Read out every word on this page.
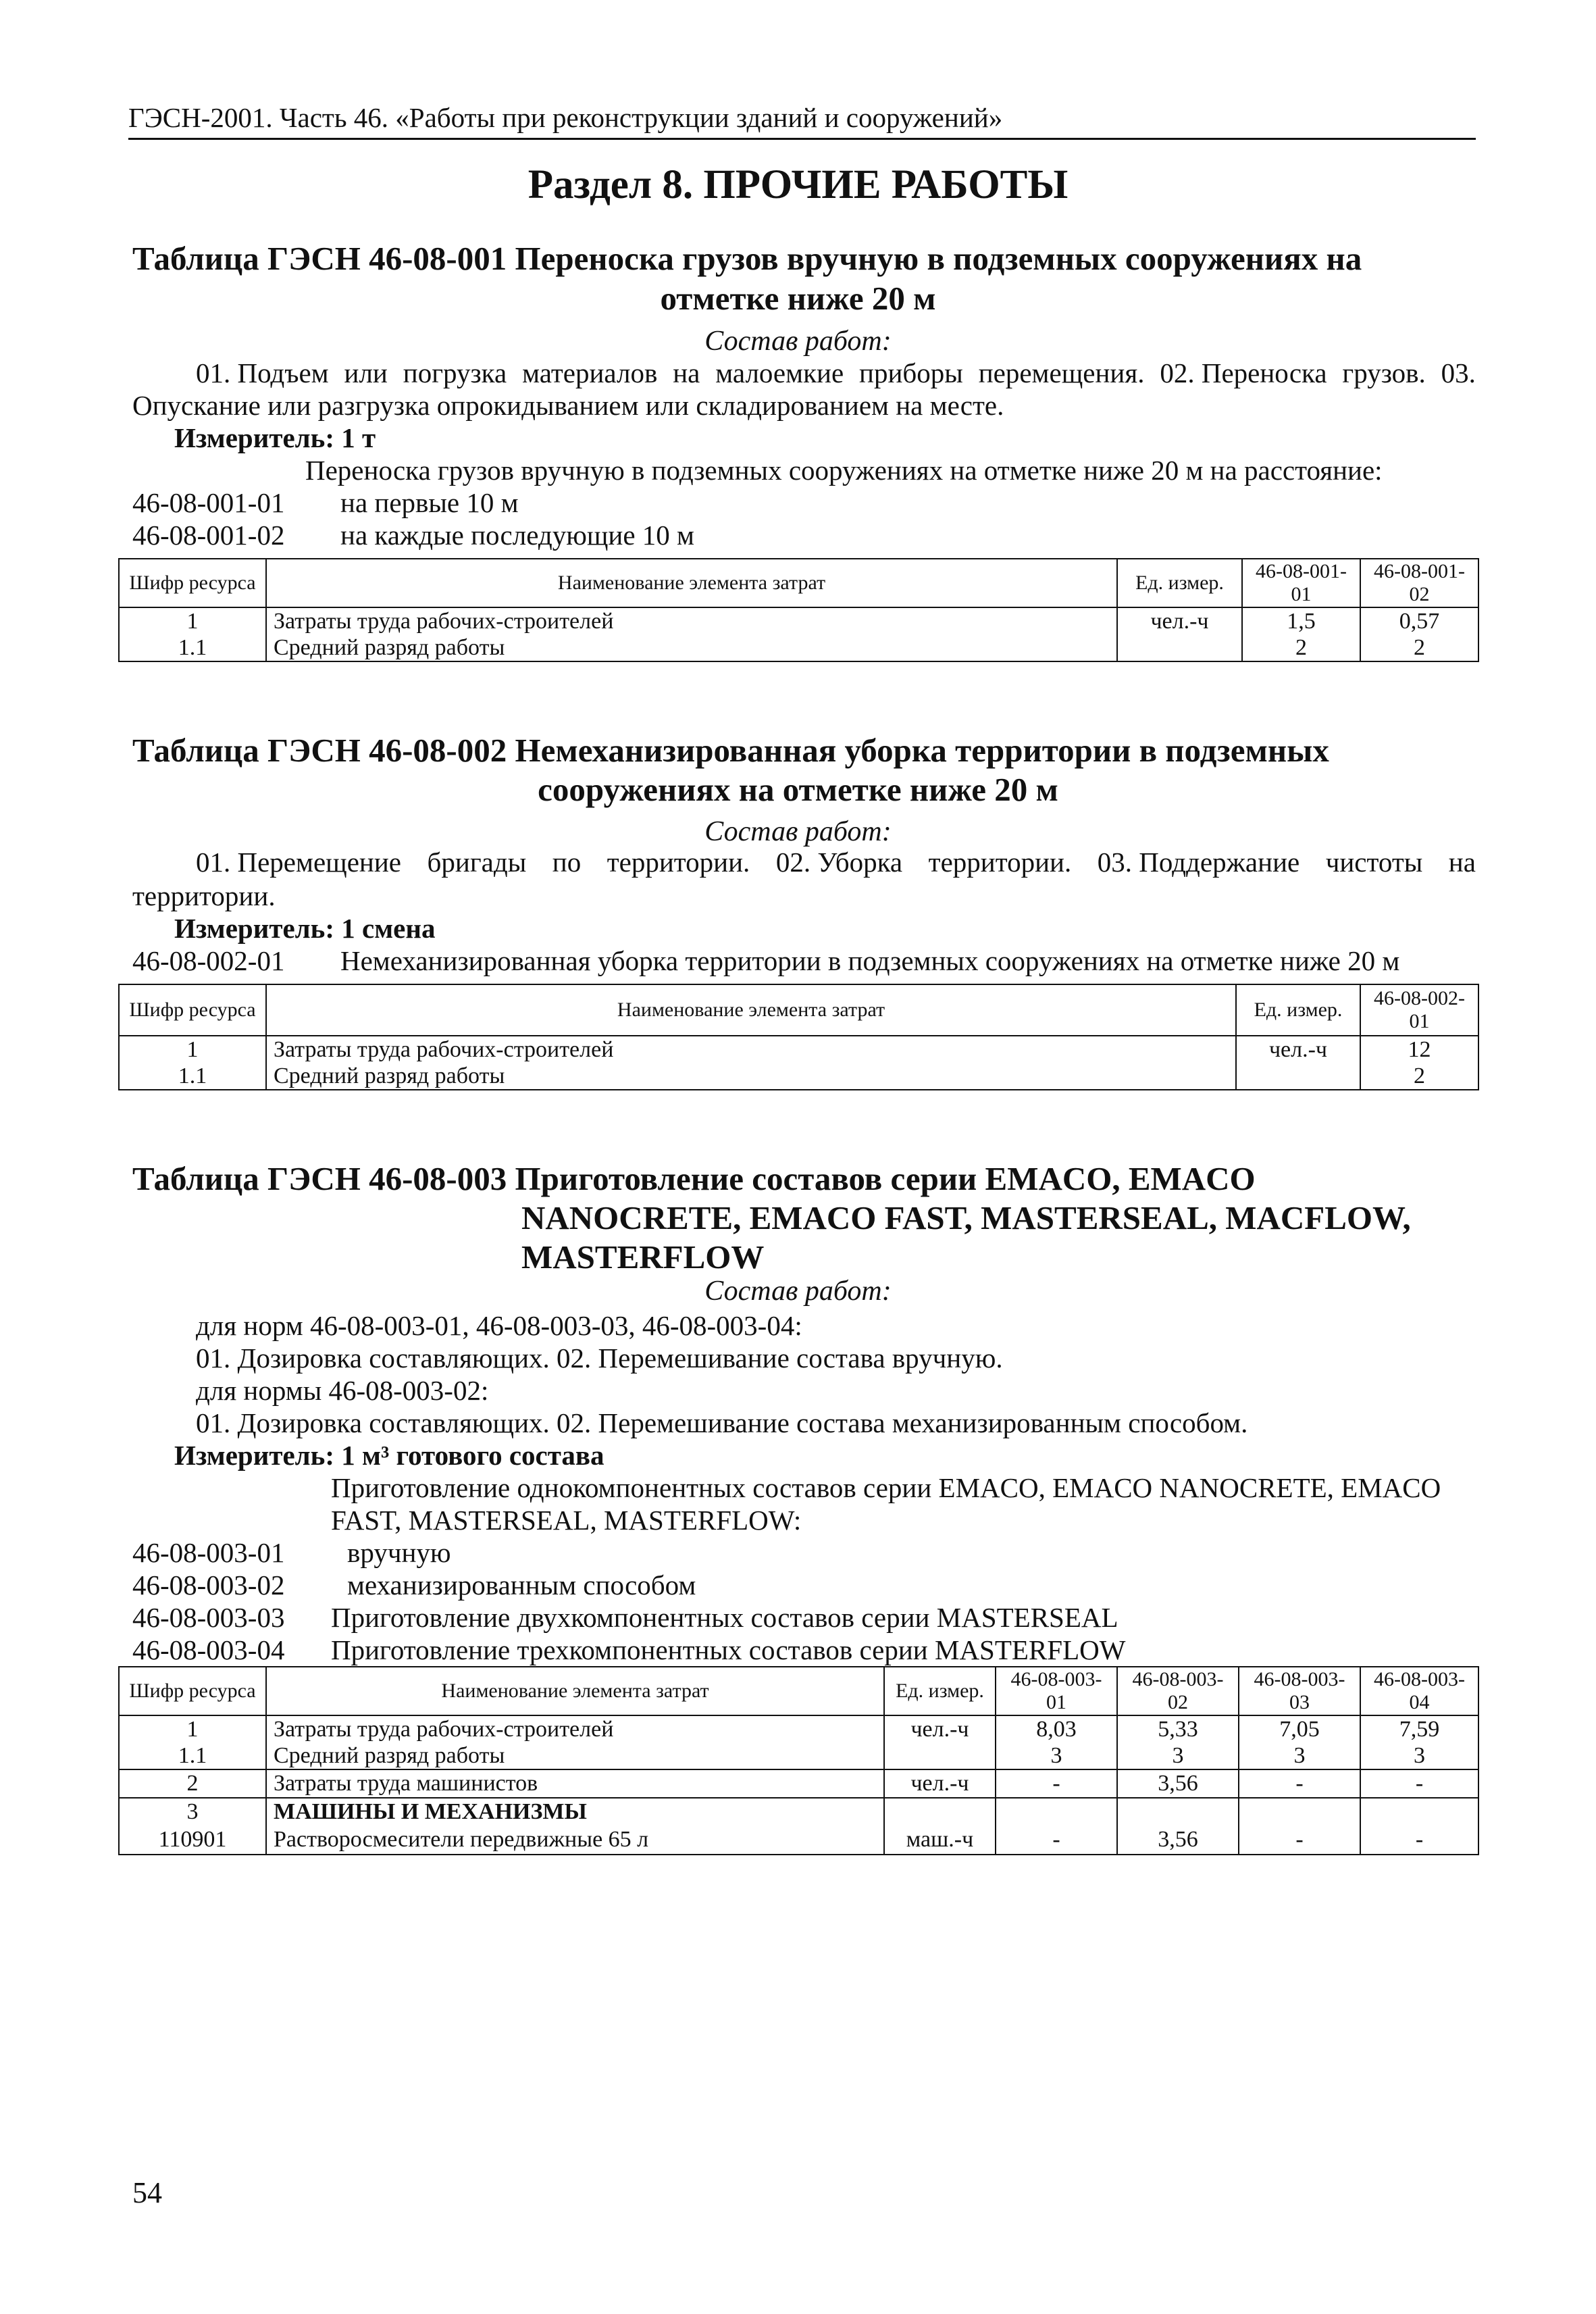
ГЭСН-2001. Часть 46. «Работы при реконструкции зданий и сооружений»
Раздел 8. ПРОЧИЕ РАБОТЫ
Таблица ГЭСН 46-08-001 Переноска грузов вручную в подземных сооружениях на
отметке ниже 20 м
Состав работ:
01. Подъем или погрузка материалов на малоемкие приборы перемещения. 02. Переноска грузов. 03.
Опускание или разгрузка опрокидыванием или складированием на месте.
Измеритель: 1 т
Переноска грузов вручную в подземных сооружениях на отметке ниже 20 м на расстояние:
46-08-001-01 на первые 10 м
46-08-001-02 на каждые последующие 10 м
Шифр ресурса	Наименование элемента затрат	Ед. измер.	46-08-001-01	46-08-001-02
1	Затраты труда рабочих-строителей	чел.-ч	1,5	0,57
1.1	Средний разряд работы		2	2
Таблица ГЭСН 46-08-002 Немеханизированная уборка территории в подземных
сооружениях на отметке ниже 20 м
Состав работ:
01. Перемещение бригады по территории. 02. Уборка территории. 03. Поддержание чистоты на
территории.
Измеритель: 1 смена
46-08-002-01 Немеханизированная уборка территории в подземных сооружениях на отметке ниже 20 м
Шифр ресурса	Наименование элемента затрат	Ед. измер.	46-08-002-01
1	Затраты труда рабочих-строителей	чел.-ч	12
1.1	Средний разряд работы		2
Таблица ГЭСН 46-08-003 Приготовление составов серии EMACO, EMACO
NANOCRETE, EMACO FAST, MASTERSEAL, MACFLOW,
MASTERFLOW
Состав работ:
для норм 46-08-003-01, 46-08-003-03, 46-08-003-04:
01. Дозировка составляющих. 02. Перемешивание состава вручную.
для нормы 46-08-003-02:
01. Дозировка составляющих. 02. Перемешивание состава механизированным способом.
Измеритель: 1 м³ готового состава
Приготовление однокомпонентных составов серии EMACO, EMACO NANOCRETE, EMACO
FAST, MASTERSEAL, MASTERFLOW:
46-08-003-01 вручную
46-08-003-02 механизированным способом
46-08-003-03 Приготовление двухкомпонентных составов серии MASTERSEAL
46-08-003-04 Приготовление трехкомпонентных составов серии MASTERFLOW
Шифр ресурса	Наименование элемента затрат	Ед. измер.	46-08-003-01	46-08-003-02	46-08-003-03	46-08-003-04
1	Затраты труда рабочих-строителей	чел.-ч	8,03	5,33	7,05	7,59
1.1	Средний разряд работы		3	3	3	3
2	Затраты труда машинистов	чел.-ч	-	3,56	-	-
3	МАШИНЫ И МЕХАНИЗМЫ					
110901	Растворосмесители передвижные 65 л	маш.-ч	-	3,56	-	-
54
